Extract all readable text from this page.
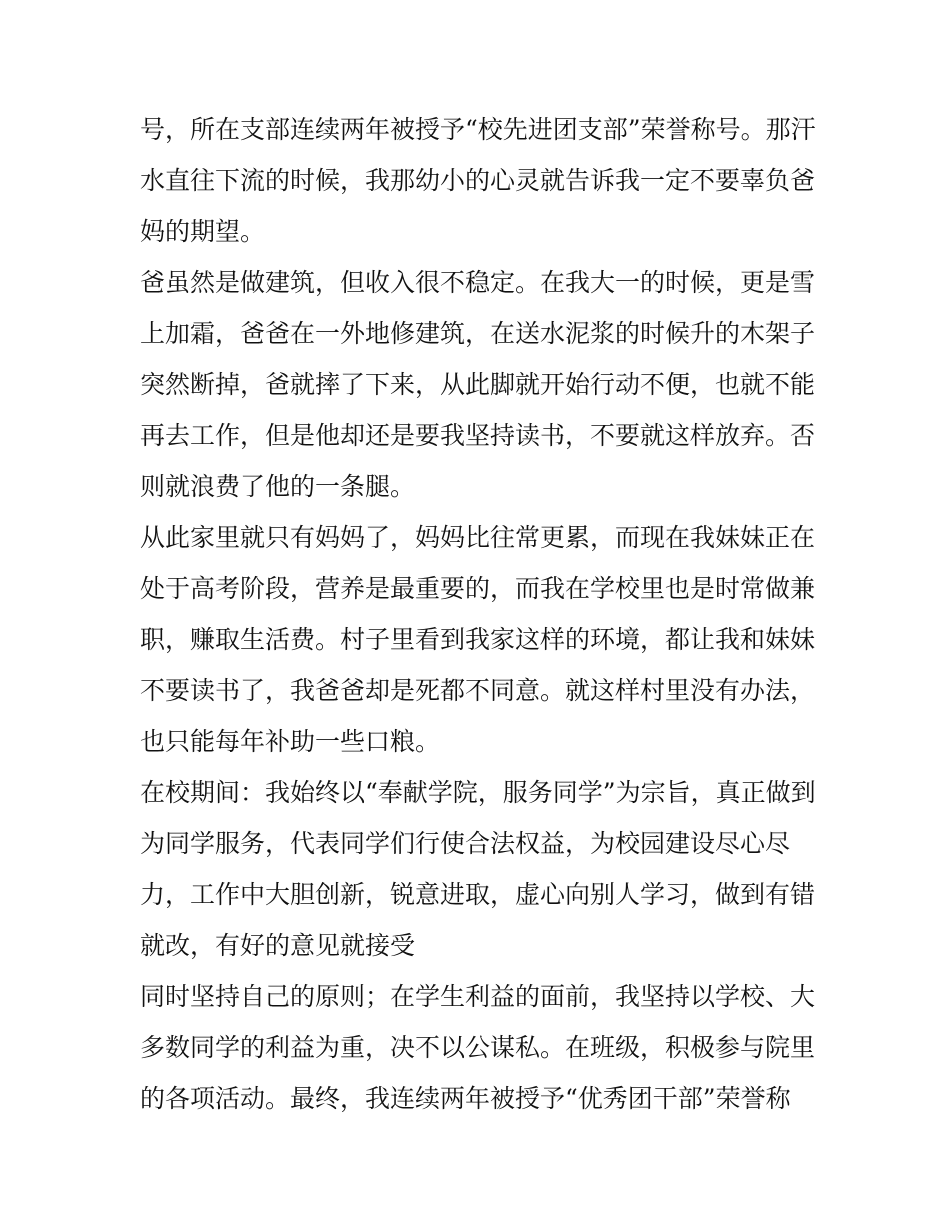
号，所在支部连续两年被授予“校先进团支部”荣誉称号。那汗
水直往下流的时候，我那幼小的心灵就告诉我一定不要辜负爸
妈的期望。
爸虽然是做建筑，但收入很不稳定。在我大一的时候，更是雪
上加霜，爸爸在一外地修建筑，在送水泥浆的时候升的木架子
突然断掉，爸就摔了下来，从此脚就开始行动不便，也就不能
再去工作，但是他却还是要我坚持读书，不要就这样放弃。否
则就浪费了他的一条腿。
从此家里就只有妈妈了，妈妈比往常更累，而现在我妹妹正在
处于高考阶段，营养是最重要的，而我在学校里也是时常做兼
职，赚取生活费。村子里看到我家这样的环境，都让我和妹妹
不要读书了，我爸爸却是死都不同意。就这样村里没有办法，
也只能每年补助一些口粮。
在校期间：我始终以“奉献学院，服务同学”为宗旨，真正做到
为同学服务，代表同学们行使合法权益，为校园建设尽心尽
力，工作中大胆创新，锐意进取，虚心向别人学习，做到有错
就改，有好的意见就接受
同时坚持自己的原则；在学生利益的面前，我坚持以学校、大
多数同学的利益为重，决不以公谋私。在班级，积极参与院里
的各项活动。最终，我连续两年被授予“优秀团干部”荣誉称
